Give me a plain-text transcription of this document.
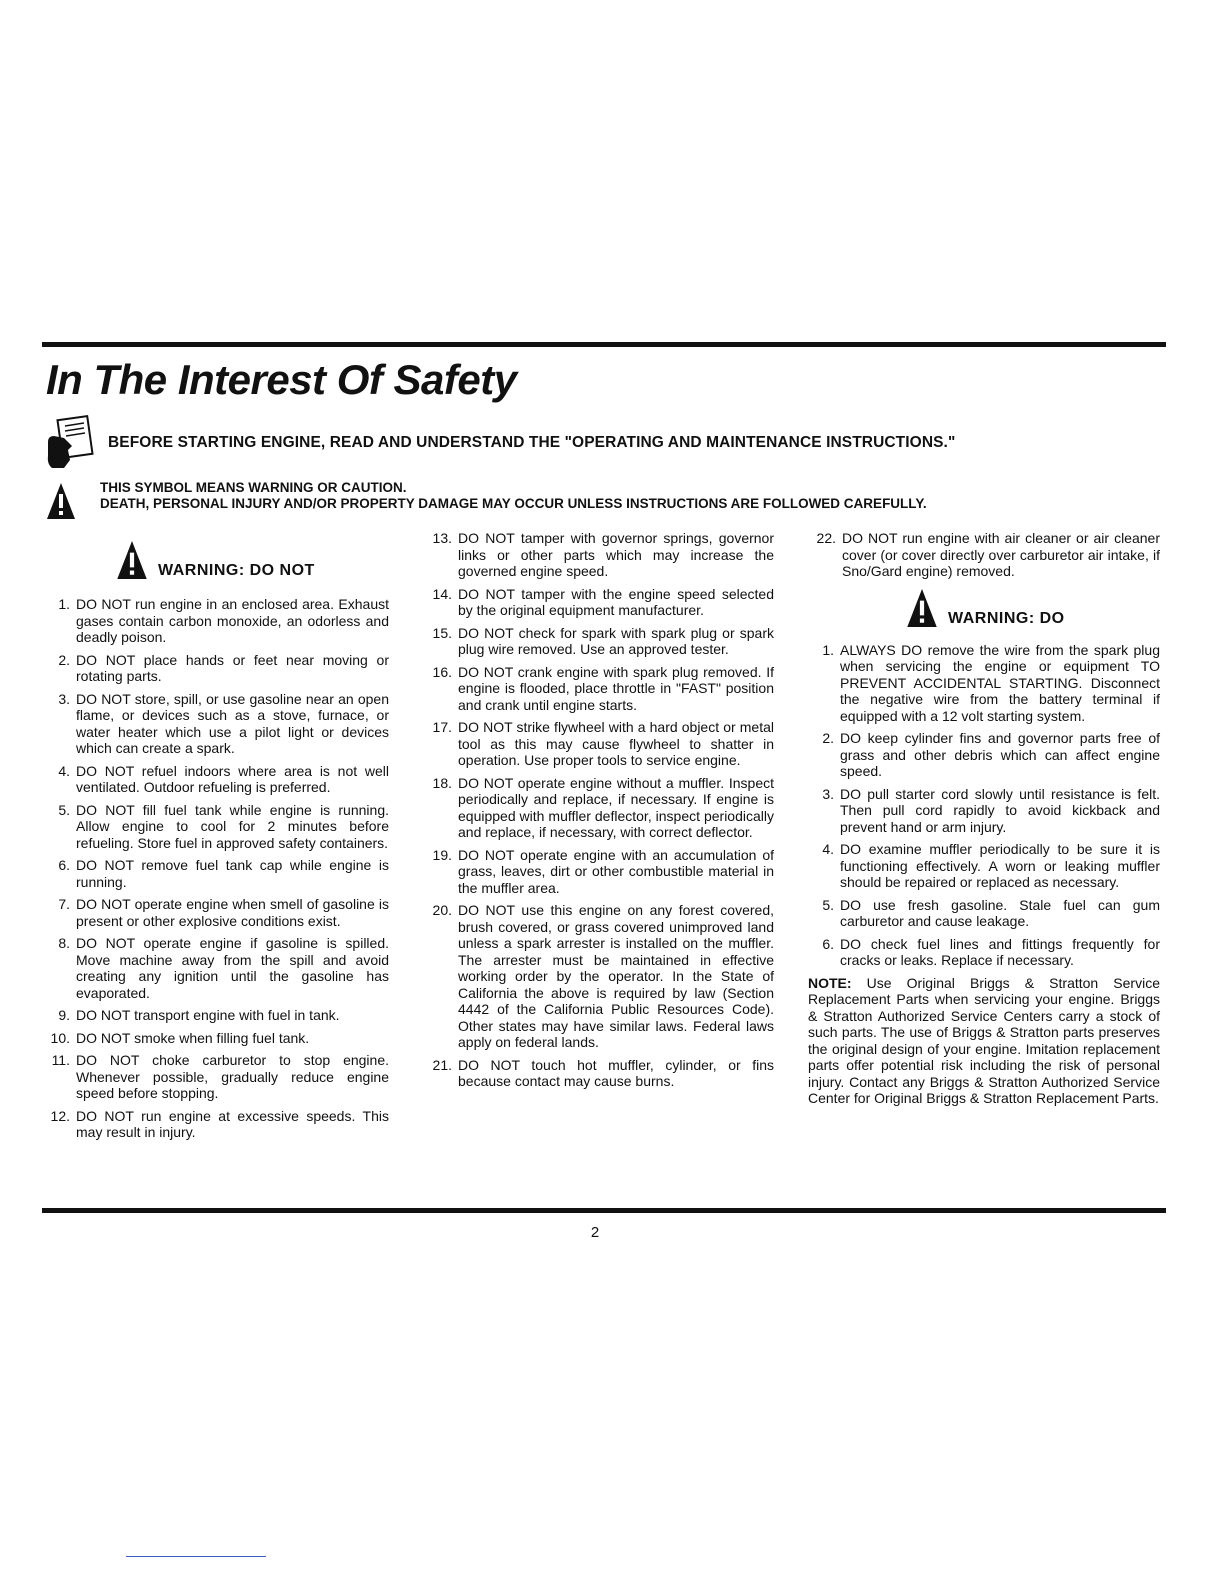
In The Interest Of Safety
BEFORE STARTING ENGINE, READ AND UNDERSTAND THE "OPERATING AND MAINTENANCE INSTRUCTIONS."
THIS SYMBOL MEANS WARNING OR CAUTION.
DEATH, PERSONAL INJURY AND/OR PROPERTY DAMAGE MAY OCCUR UNLESS INSTRUCTIONS ARE FOLLOWED CAREFULLY.
WARNING: DO NOT
1. DO NOT run engine in an enclosed area. Exhaust gases contain carbon monoxide, an odorless and deadly poison.
2. DO NOT place hands or feet near moving or rotating parts.
3. DO NOT store, spill, or use gasoline near an open flame, or devices such as a stove, furnace, or water heater which use a pilot light or devices which can create a spark.
4. DO NOT refuel indoors where area is not well ventilated. Outdoor refueling is preferred.
5. DO NOT fill fuel tank while engine is running. Allow engine to cool for 2 minutes before refueling. Store fuel in approved safety containers.
6. DO NOT remove fuel tank cap while engine is running.
7. DO NOT operate engine when smell of gasoline is present or other explosive conditions exist.
8. DO NOT operate engine if gasoline is spilled. Move machine away from the spill and avoid creating any ignition until the gasoline has evaporated.
9. DO NOT transport engine with fuel in tank.
10. DO NOT smoke when filling fuel tank.
11. DO NOT choke carburetor to stop engine. Whenever possible, gradually reduce engine speed before stopping.
12. DO NOT run engine at excessive speeds. This may result in injury.
13. DO NOT tamper with governor springs, governor links or other parts which may increase the governed engine speed.
14. DO NOT tamper with the engine speed selected by the original equipment manufacturer.
15. DO NOT check for spark with spark plug or spark plug wire removed. Use an approved tester.
16. DO NOT crank engine with spark plug removed. If engine is flooded, place throttle in "FAST" position and crank until engine starts.
17. DO NOT strike flywheel with a hard object or metal tool as this may cause flywheel to shatter in operation. Use proper tools to service engine.
18. DO NOT operate engine without a muffler. Inspect periodically and replace, if necessary. If engine is equipped with muffler deflector, inspect periodically and replace, if necessary, with correct deflector.
19. DO NOT operate engine with an accumulation of grass, leaves, dirt or other combustible material in the muffler area.
20. DO NOT use this engine on any forest covered, brush covered, or grass covered unimproved land unless a spark arrester is installed on the muffler. The arrester must be maintained in effective working order by the operator. In the State of California the above is required by law (Section 4442 of the California Public Resources Code). Other states may have similar laws. Federal laws apply on federal lands.
21. DO NOT touch hot muffler, cylinder, or fins because contact may cause burns.
22. DO NOT run engine with air cleaner or air cleaner cover (or cover directly over carburetor air intake, if Sno/Gard engine) removed.
WARNING: DO
1. ALWAYS DO remove the wire from the spark plug when servicing the engine or equipment TO PREVENT ACCIDENTAL STARTING. Disconnect the negative wire from the battery terminal if equipped with a 12 volt starting system.
2. DO keep cylinder fins and governor parts free of grass and other debris which can affect engine speed.
3. DO pull starter cord slowly until resistance is felt. Then pull cord rapidly to avoid kickback and prevent hand or arm injury.
4. DO examine muffler periodically to be sure it is functioning effectively. A worn or leaking muffler should be repaired or replaced as necessary.
5. DO use fresh gasoline. Stale fuel can gum carburetor and cause leakage.
6. DO check fuel lines and fittings frequently for cracks or leaks. Replace if necessary.
NOTE: Use Original Briggs & Stratton Service Replacement Parts when servicing your engine. Briggs & Stratton Authorized Service Centers carry a stock of such parts. The use of Briggs & Stratton parts preserves the original design of your engine. Imitation replacement parts offer potential risk including the risk of personal injury. Contact any Briggs & Stratton Authorized Service Center for Original Briggs & Stratton Replacement Parts.
2
